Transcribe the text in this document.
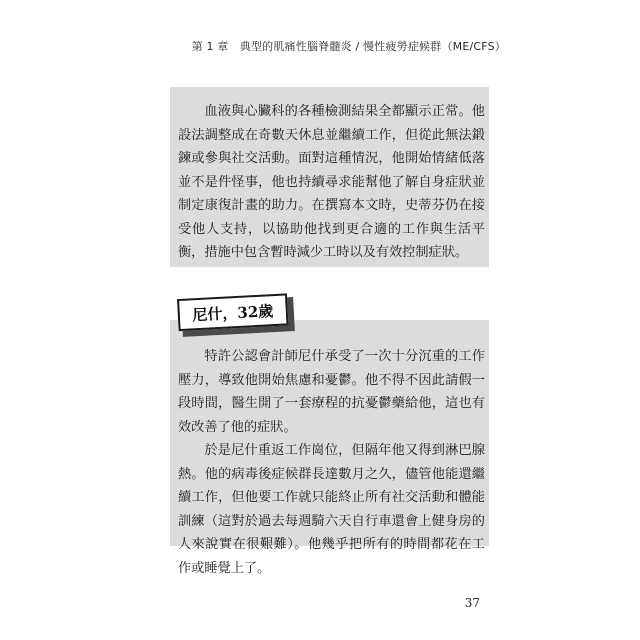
第 1 章　典型的肌痛性腦脊髓炎 / 慢性疲勞症候群（ME/CFS）

血液與心臟科的各種檢測結果全都顯示正常。他設法調整成在奇數天休息並繼續工作，但從此無法鍛鍊或參與社交活動。面對這種情況，他開始情緒低落並不是件怪事，他也持續尋求能幫他了解自身症狀並制定康復計畫的助力。在撰寫本文時，史蒂芬仍在接受他人支持，以協助他找到更合適的工作與生活平衡，措施中包含暫時減少工時以及有效控制症狀。

尼什，32歲

特許公認會計師尼什承受了一次十分沉重的工作壓力，導致他開始焦慮和憂鬱。他不得不因此請假一段時間，醫生開了一套療程的抗憂鬱藥給他，這也有效改善了他的症狀。

於是尼什重返工作崗位，但隔年他又得到淋巴腺熱。他的病毒後症候群長達數月之久，儘管他能還繼續工作，但他要工作就只能終止所有社交活動和體能訓練（這對於過去每週騎六天自行車還會上健身房的人來說實在很艱難）。他幾乎把所有的時間都花在工作或睡覺上了。

37
